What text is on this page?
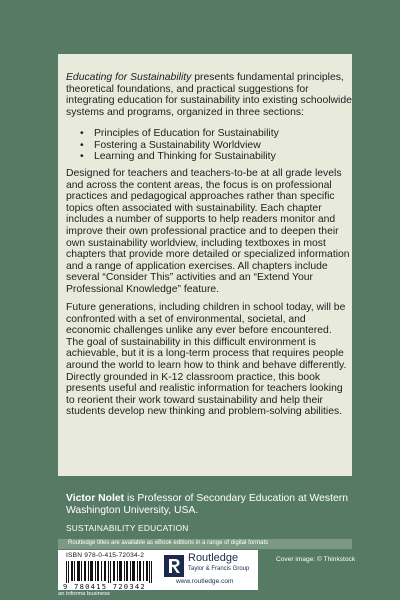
Educating for Sustainability presents fundamental principles, theoretical foundations, and practical suggestions for integrating education for sustainability into existing schoolwide systems and programs, organized in three sections:
• Principles of Education for Sustainability
• Fostering a Sustainability Worldview
• Learning and Thinking for Sustainability
Designed for teachers and teachers-to-be at all grade levels and across the content areas, the focus is on professional practices and pedagogical approaches rather than specific topics often associated with sustainability. Each chapter includes a number of supports to help readers monitor and improve their own professional practice and to deepen their own sustainability worldview, including textboxes in most chapters that provide more detailed or specialized information and a range of application exercises. All chapters include several “Consider This” activities and an “Extend Your Professional Knowledge” feature.
Future generations, including children in school today, will be confronted with a set of environmental, societal, and economic challenges unlike any ever before encountered. The goal of sustainability in this difficult environment is achievable, but it is a long-term process that requires people around the world to learn how to think and behave differently. Directly grounded in K-12 classroom practice, this book presents useful and realistic information for teachers looking to reorient their work toward sustainability and help their students develop new thinking and problem-solving abilities.
Victor Nolet is Professor of Secondary Education at Western Washington University, USA.
SUSTAINABILITY EDUCATION
Routledge titles are available as eBook editions in a range of digital formats
ISBN 978-0-415-72034-2
9 780415 720342
Routledge
Taylor & Francis Group
www.routledge.com
an informa business
Cover image: © Thinkstock
